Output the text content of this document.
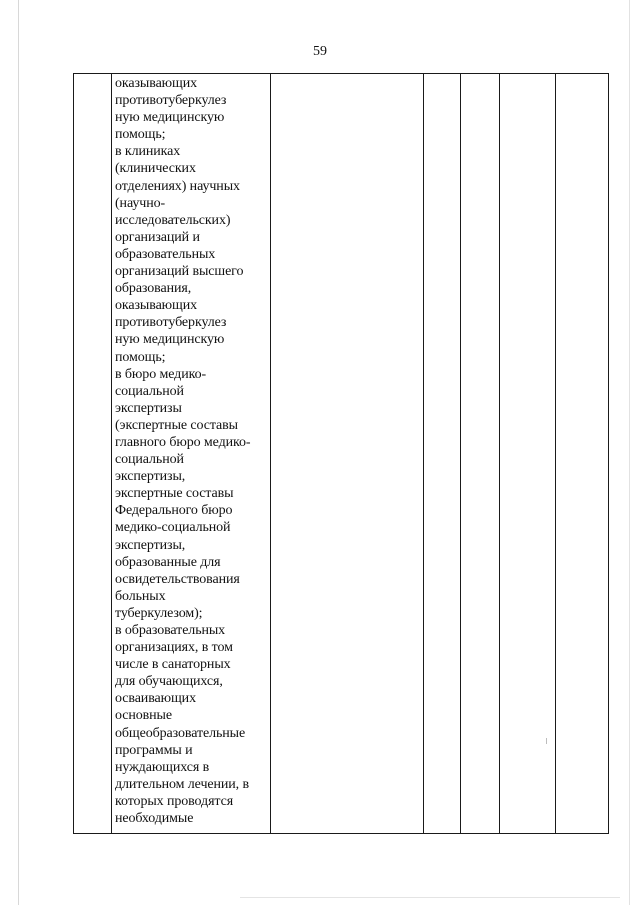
59
оказывающих
противотуберкулез
ную медицинскую
помощь;
в клиниках
(клинических
отделениях) научных
(научно-
исследовательских)
организаций и
образовательных
организаций высшего
образования,
оказывающих
противотуберкулез
ную медицинскую
помощь;
в бюро медико-
социальной
экспертизы
(экспертные составы
главного бюро медико-
социальной
экспертизы,
экспертные составы
Федерального бюро
медико-социальной
экспертизы,
образованные для
освидетельствования
больных
туберкулезом);
в образовательных
организациях, в том
числе в санаторных
для обучающихся,
осваивающих
основные
общеобразовательные
программы и
нуждающихся в
длительном лечении, в
которых проводятся
необходимые
